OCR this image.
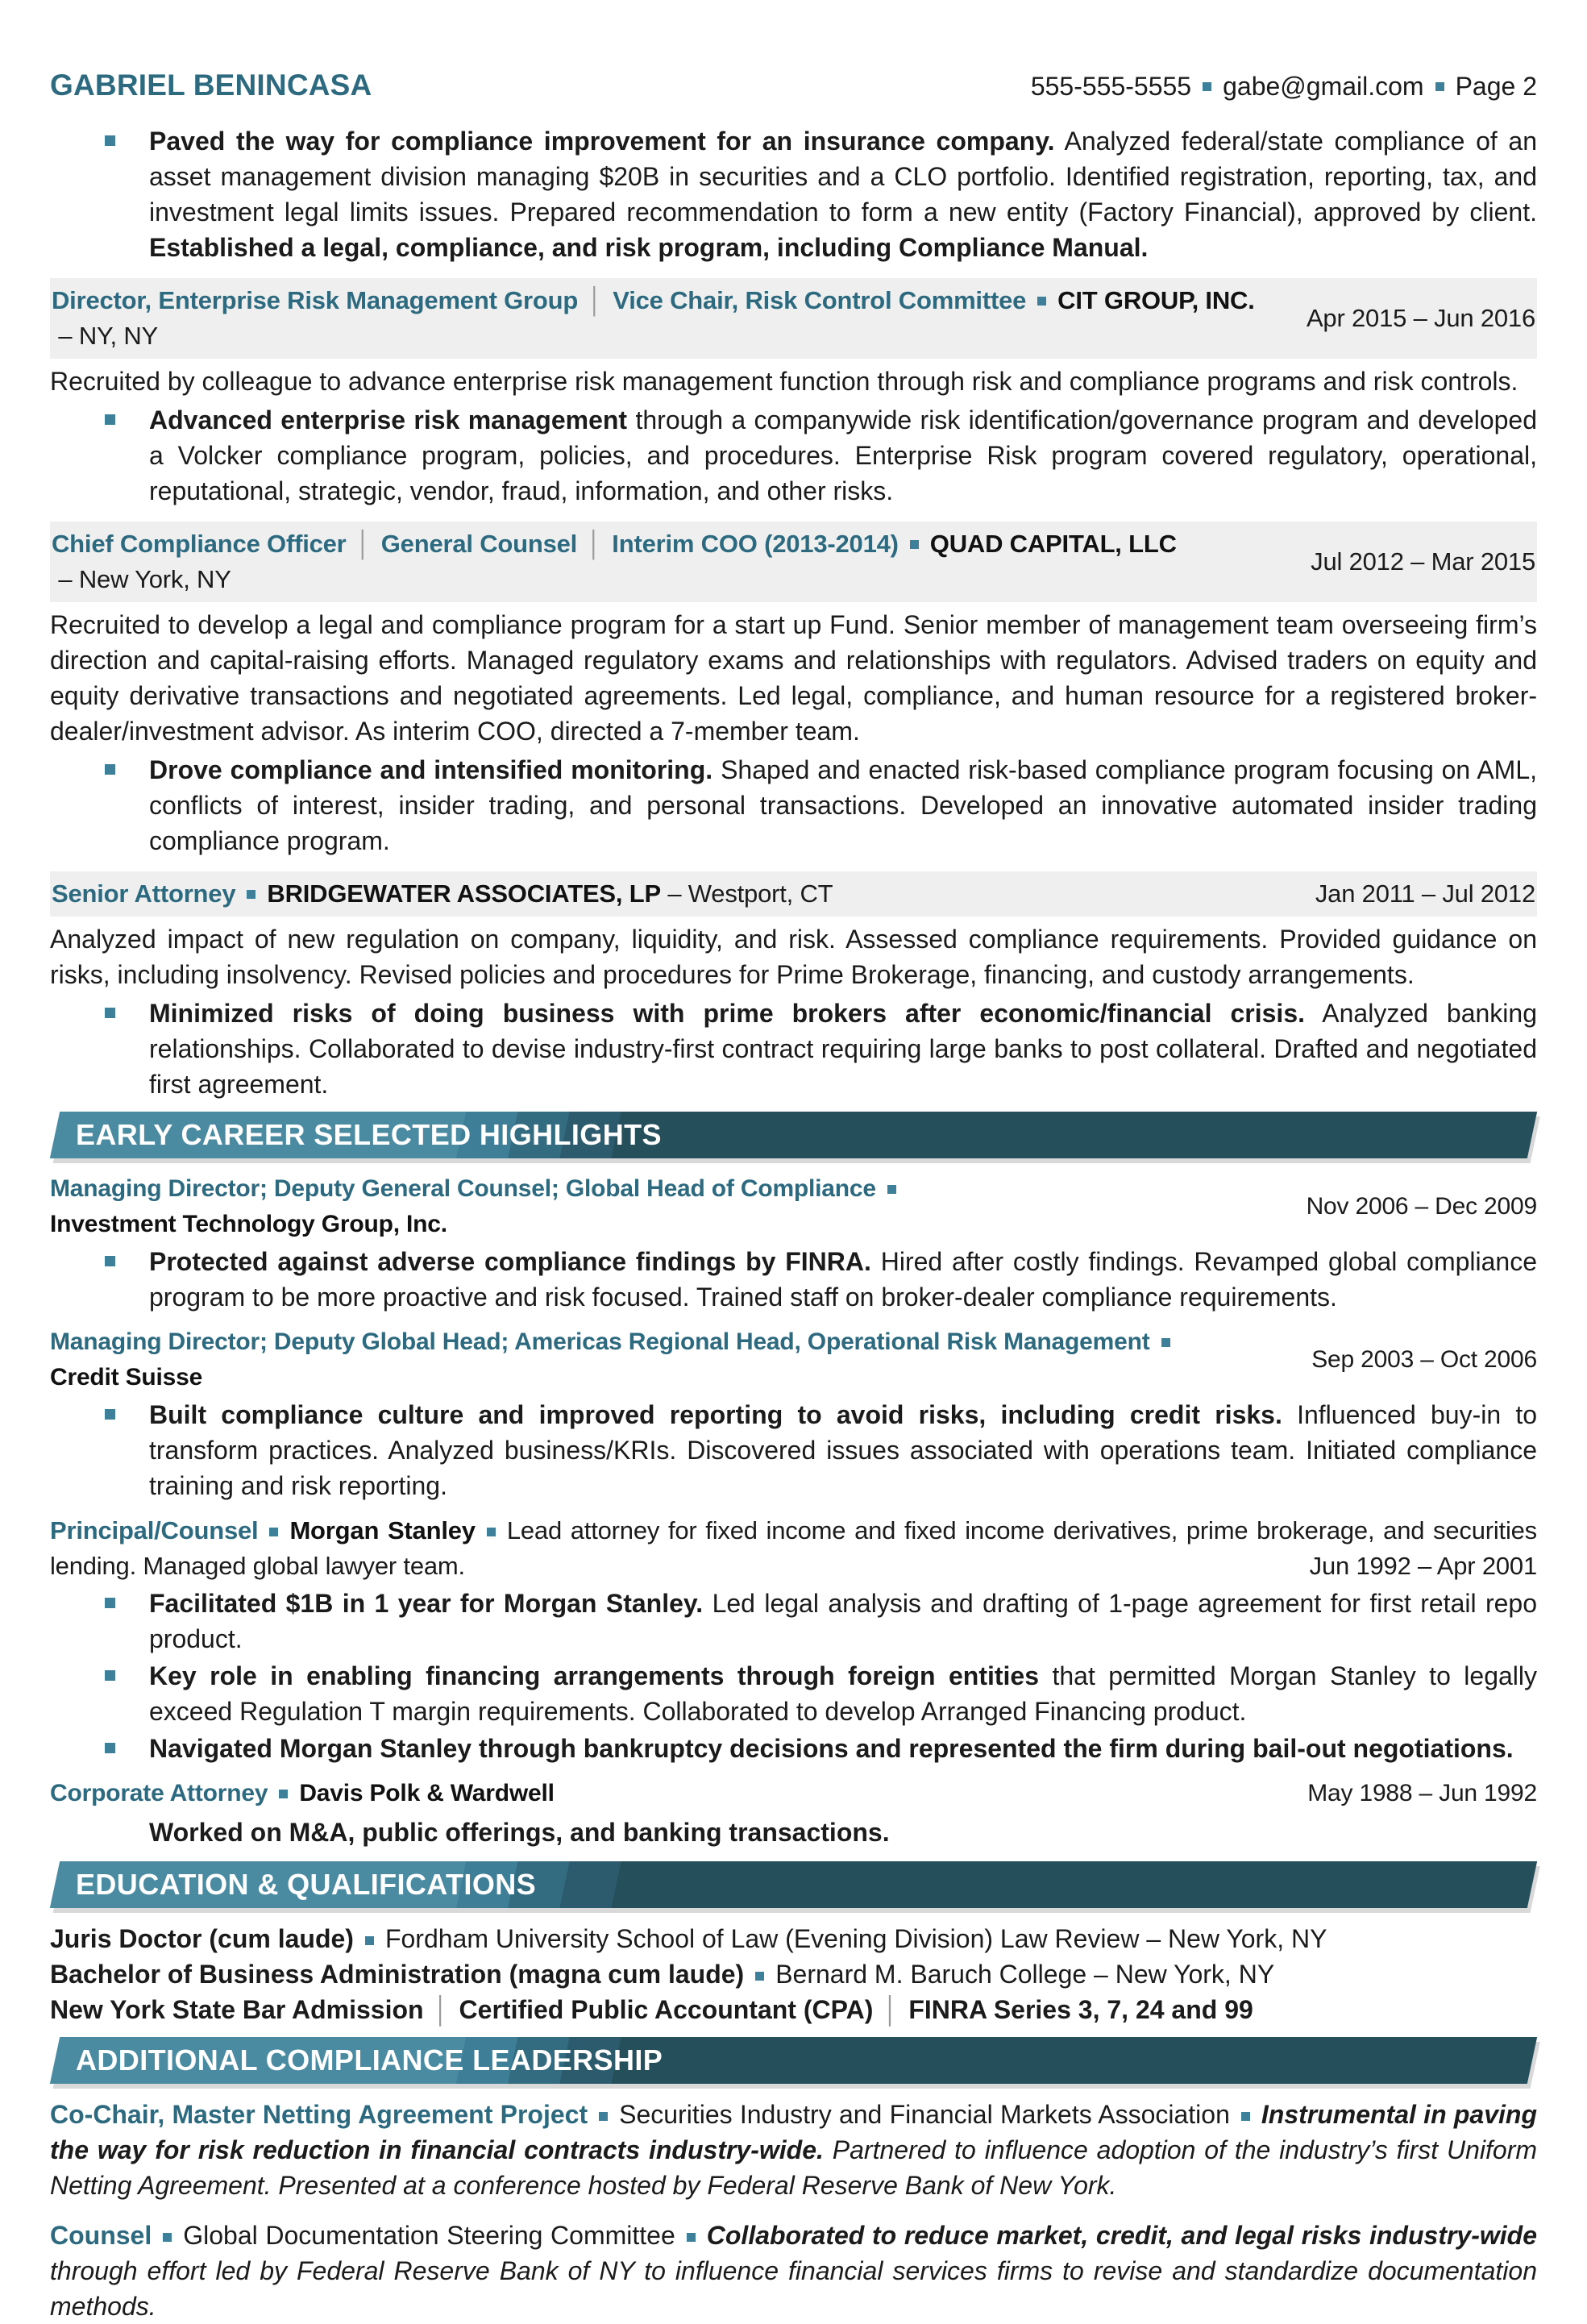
GABRIEL BENINCASA	555-555-5555 gabe@gmail.com Page 2

Paved the way for compliance improvement for an insurance company. Analyzed federal/state compliance of an asset management division managing $20B in securities and a CLO portfolio. Identified registration, reporting, tax, and investment legal limits issues. Prepared recommendation to form a new entity (Factory Financial), approved by client. Established a legal, compliance, and risk program, including Compliance Manual.

Director, Enterprise Risk Management Group │ Vice Chair, Risk Control Committee CIT GROUP, INC.
– NY, NY
Apr 2015 – Jun 2016

Recruited by colleague to advance enterprise risk management function through risk and compliance programs and risk controls.

Advanced enterprise risk management through a companywide risk identification/governance program and developed a Volcker compliance program, policies, and procedures. Enterprise Risk program covered regulatory, operational, reputational, strategic, vendor, fraud, information, and other risks.

Chief Compliance Officer │ General Counsel │ Interim COO (2013-2014) QUAD CAPITAL, LLC
– New York, NY
Jul 2012 – Mar 2015

Recruited to develop a legal and compliance program for a start up Fund. Senior member of management team overseeing firm’s direction and capital-raising efforts. Managed regulatory exams and relationships with regulators. Advised traders on equity and equity derivative transactions and negotiated agreements. Led legal, compliance, and human resource for a registered broker-dealer/investment advisor. As interim COO, directed a 7-member team.

Drove compliance and intensified monitoring. Shaped and enacted risk-based compliance program focusing on AML, conflicts of interest, insider trading, and personal transactions. Developed an innovative automated insider trading compliance program.

Senior Attorney BRIDGEWATER ASSOCIATES, LP – Westport, CT	Jan 2011 – Jul 2012

Analyzed impact of new regulation on company, liquidity, and risk. Assessed compliance requirements. Provided guidance on risks, including insolvency. Revised policies and procedures for Prime Brokerage, financing, and custody arrangements.

Minimized risks of doing business with prime brokers after economic/financial crisis. Analyzed banking relationships. Collaborated to devise industry-first contract requiring large banks to post collateral. Drafted and negotiated first agreement.

EARLY CAREER SELECTED HIGHLIGHTS
Managing Director; Deputy General Counsel; Global Head of Compliance
Investment Technology Group, Inc.
Nov 2006 – Dec 2009

Protected against adverse compliance findings by FINRA. Hired after costly findings. Revamped global compliance program to be more proactive and risk focused. Trained staff on broker-dealer compliance requirements.

Managing Director; Deputy Global Head; Americas Regional Head, Operational Risk Management
Credit Suisse
Sep 2003 – Oct 2006

Built compliance culture and improved reporting to avoid risks, including credit risks. Influenced buy-in to transform practices. Analyzed business/KRIs. Discovered issues associated with operations team. Initiated compliance training and risk reporting.

Principal/Counsel Morgan Stanley Lead attorney for fixed income and fixed income derivatives, prime brokerage, and securities lending. Managed global lawyer team.	Jun 1992 – Apr 2001

Facilitated $1B in 1 year for Morgan Stanley. Led legal analysis and drafting of 1-page agreement for first retail repo product.

Key role in enabling financing arrangements through foreign entities that permitted Morgan Stanley to legally exceed Regulation T margin requirements. Collaborated to develop Arranged Financing product.

Navigated Morgan Stanley through bankruptcy decisions and represented the firm during bail-out negotiations.

Corporate Attorney Davis Polk & Wardwell	May 1988 – Jun 1992

Worked on M&A, public offerings, and banking transactions.

EDUCATION & QUALIFICATIONS

Juris Doctor (cum laude) Fordham University School of Law (Evening Division) Law Review – New York, NY

Bachelor of Business Administration (magna cum laude) Bernard M. Baruch College – New York, NY

New York State Bar Admission │ Certified Public Accountant (CPA) │ FINRA Series 3, 7, 24 and 99

ADDITIONAL COMPLIANCE LEADERSHIP

Co-Chair, Master Netting Agreement Project Securities Industry and Financial Markets Association Instrumental in paving the way for risk reduction in financial contracts industry-wide. Partnered to influence adoption of the industry’s first Uniform Netting Agreement. Presented at a conference hosted by Federal Reserve Bank of New York.

Counsel Global Documentation Steering Committee Collaborated to reduce market, credit, and legal risks industry-wide through effort led by Federal Reserve Bank of NY to influence financial services firms to revise and standardize documentation methods.
